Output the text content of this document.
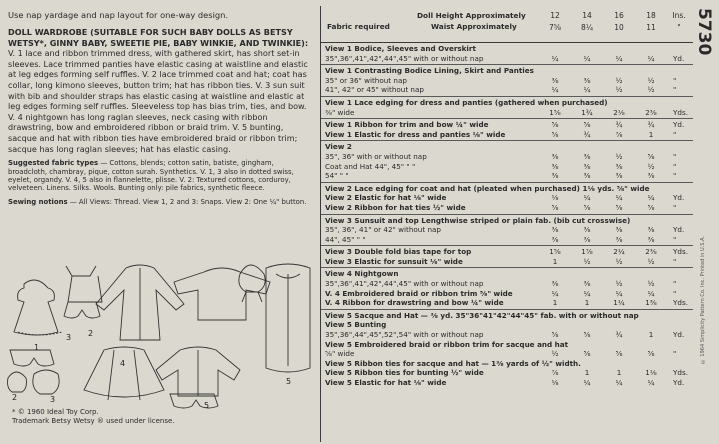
Use nap yardage and nap layout for one-way design.
DOLL WARDROBE (SUITABLE FOR SUCH BABY DOLLS AS BETSY WETSY*, GINNY BABY, SWEETIE PIE, BABY WINKIE, AND TWINKIE): V. 1 lace and ribbon trimmed dress, with gathered skirt, has short set-in sleeves. Lace trimmed panties have elastic casing at waistline and elastic at leg edges forming self ruffles. V. 2 lace trimmed coat and hat; coat has collar, long kimono sleeves, button trim; hat has ribbon ties. V. 3 sun suit with bib and shoulder straps has elastic casing at waistline and elastic at leg edges forming self ruffles. Sleeveless top has bias trim, ties, and bow. V. 4 nightgown has long raglan sleeves, neck casing with ribbon drawstring, bow and embroidered ribbon or braid trim. V. 5 bunting, sacque and hat with ribbon ties have embroidered braid or ribbon trim; sacque has long raglan sleeves; hat has elastic casing.
Suggested fabric types — Cottons, blends; cotton satin, batiste, gingham, broadcloth, chambray, pique, cotton surah. Synthetics. V. 1, 3 also in dotted swiss, eyelet, organdy. V. 4, 5 also in flannelette, plisse. V. 2: Textured cottons, corduroy, velveteen. Linens. Silks. Wools. Bunting only: pile fabrics, synthetic fleece.
Sewing notions — All Views: Thread. View 1, 2 and 3: Snaps. View 2: One ¼" button.
1
2
3
4
5
2	3
5
* © 1960 Ideal Toy Corp.
Trademark Betsy Wetsy ® used under license.
Doll Height Approximately
Fabric required	Waist Approximately
12	14	16	18	Ins.
7⅝	8¼	10	11	"
View 1 Bodice, Sleeves and Overskirt
35",36",41",42",44",45" with or without nap	¼	¼	¼	¼	Yd.
View 1 Contrasting Bodice Lining, Skirt and Panties
35" or 36" without nap	⅜	⅜	½	½	"
41", 42" or 45" without nap	¼	¼	½	½	"
View 1 Lace edging for dress and panties (gathered when purchased)
⅜" wide	1⅝	1¾	2⅛	2⅜	Yds.
View 1 Ribbon for trim and bow ¼" wide	⅝	⅝	¾	¾	Yd.
View 1 Elastic for dress and panties ⅛" wide	⅝	¾	⅞	1	"
View 2
35", 36" with or without nap	⅜	⅜	½	⅝	"
Coat and Hat 44", 45" " "	⅜	⅜	⅜	½	"
54" " "	⅜	⅜	⅜	⅜	"
View 2 Lace edging for coat and hat (pleated when purchased) 1⅛ yds. ⅝" wide
View 2 Elastic for hat ⅛" wide	⅛	¼	¼	¼	Yd.
View 2 Ribbon for hat ties ½" wide	⅝	⅝	⅝	⅝	"
View 3 Sunsuit and top Lengthwise striped or plain fab. (bib cut crosswise)
35", 36", 41" or 42" without nap	⅜	⅜	⅜	⅜	Yd.
44", 45" " "	⅜	⅜	⅜	⅜	"
View 3 Double fold bias tape for top	1⅝	1⅞	2¼	2⅜	Yds.
View 3 Elastic for sunsuit ⅛" wide	1	½	½	½	"
View 4 Nightgown
35",36",41",42",44",45" with or without nap	⅜	⅜	½	½	"
V. 4 Embroidered braid or ribbon trim ⅝" wide	¼	¼	¼	¼	"
V. 4 Ribbon for drawstring and bow ¼" wide	1	1	1¼	1⅜	Yds.
View 5 Sacque and Hat — ⅜ yd. 35"36"41"42"44"45" fab. with or without nap
View 5 Bunting
35",36",44",45",52",54" with or without nap	⅝	⅝	¾	1	Yd.
View 5 Embroidered braid or ribbon trim for sacque and hat
⅝" wide	½	⅝	⅝	⅝	"
View 5 Ribbon ties for sacque and hat — 1⅜ yards of ½" width.
View 5 Ribbon ties for bunting ½" wide	⅞	1	1	1⅛	Yds.
View 5 Elastic for hat ⅛" wide	⅛	¼	¼	¼	Yd.
5730
© 1964 Simplicity Pattern Co. Inc. Printed in U.S.A.
